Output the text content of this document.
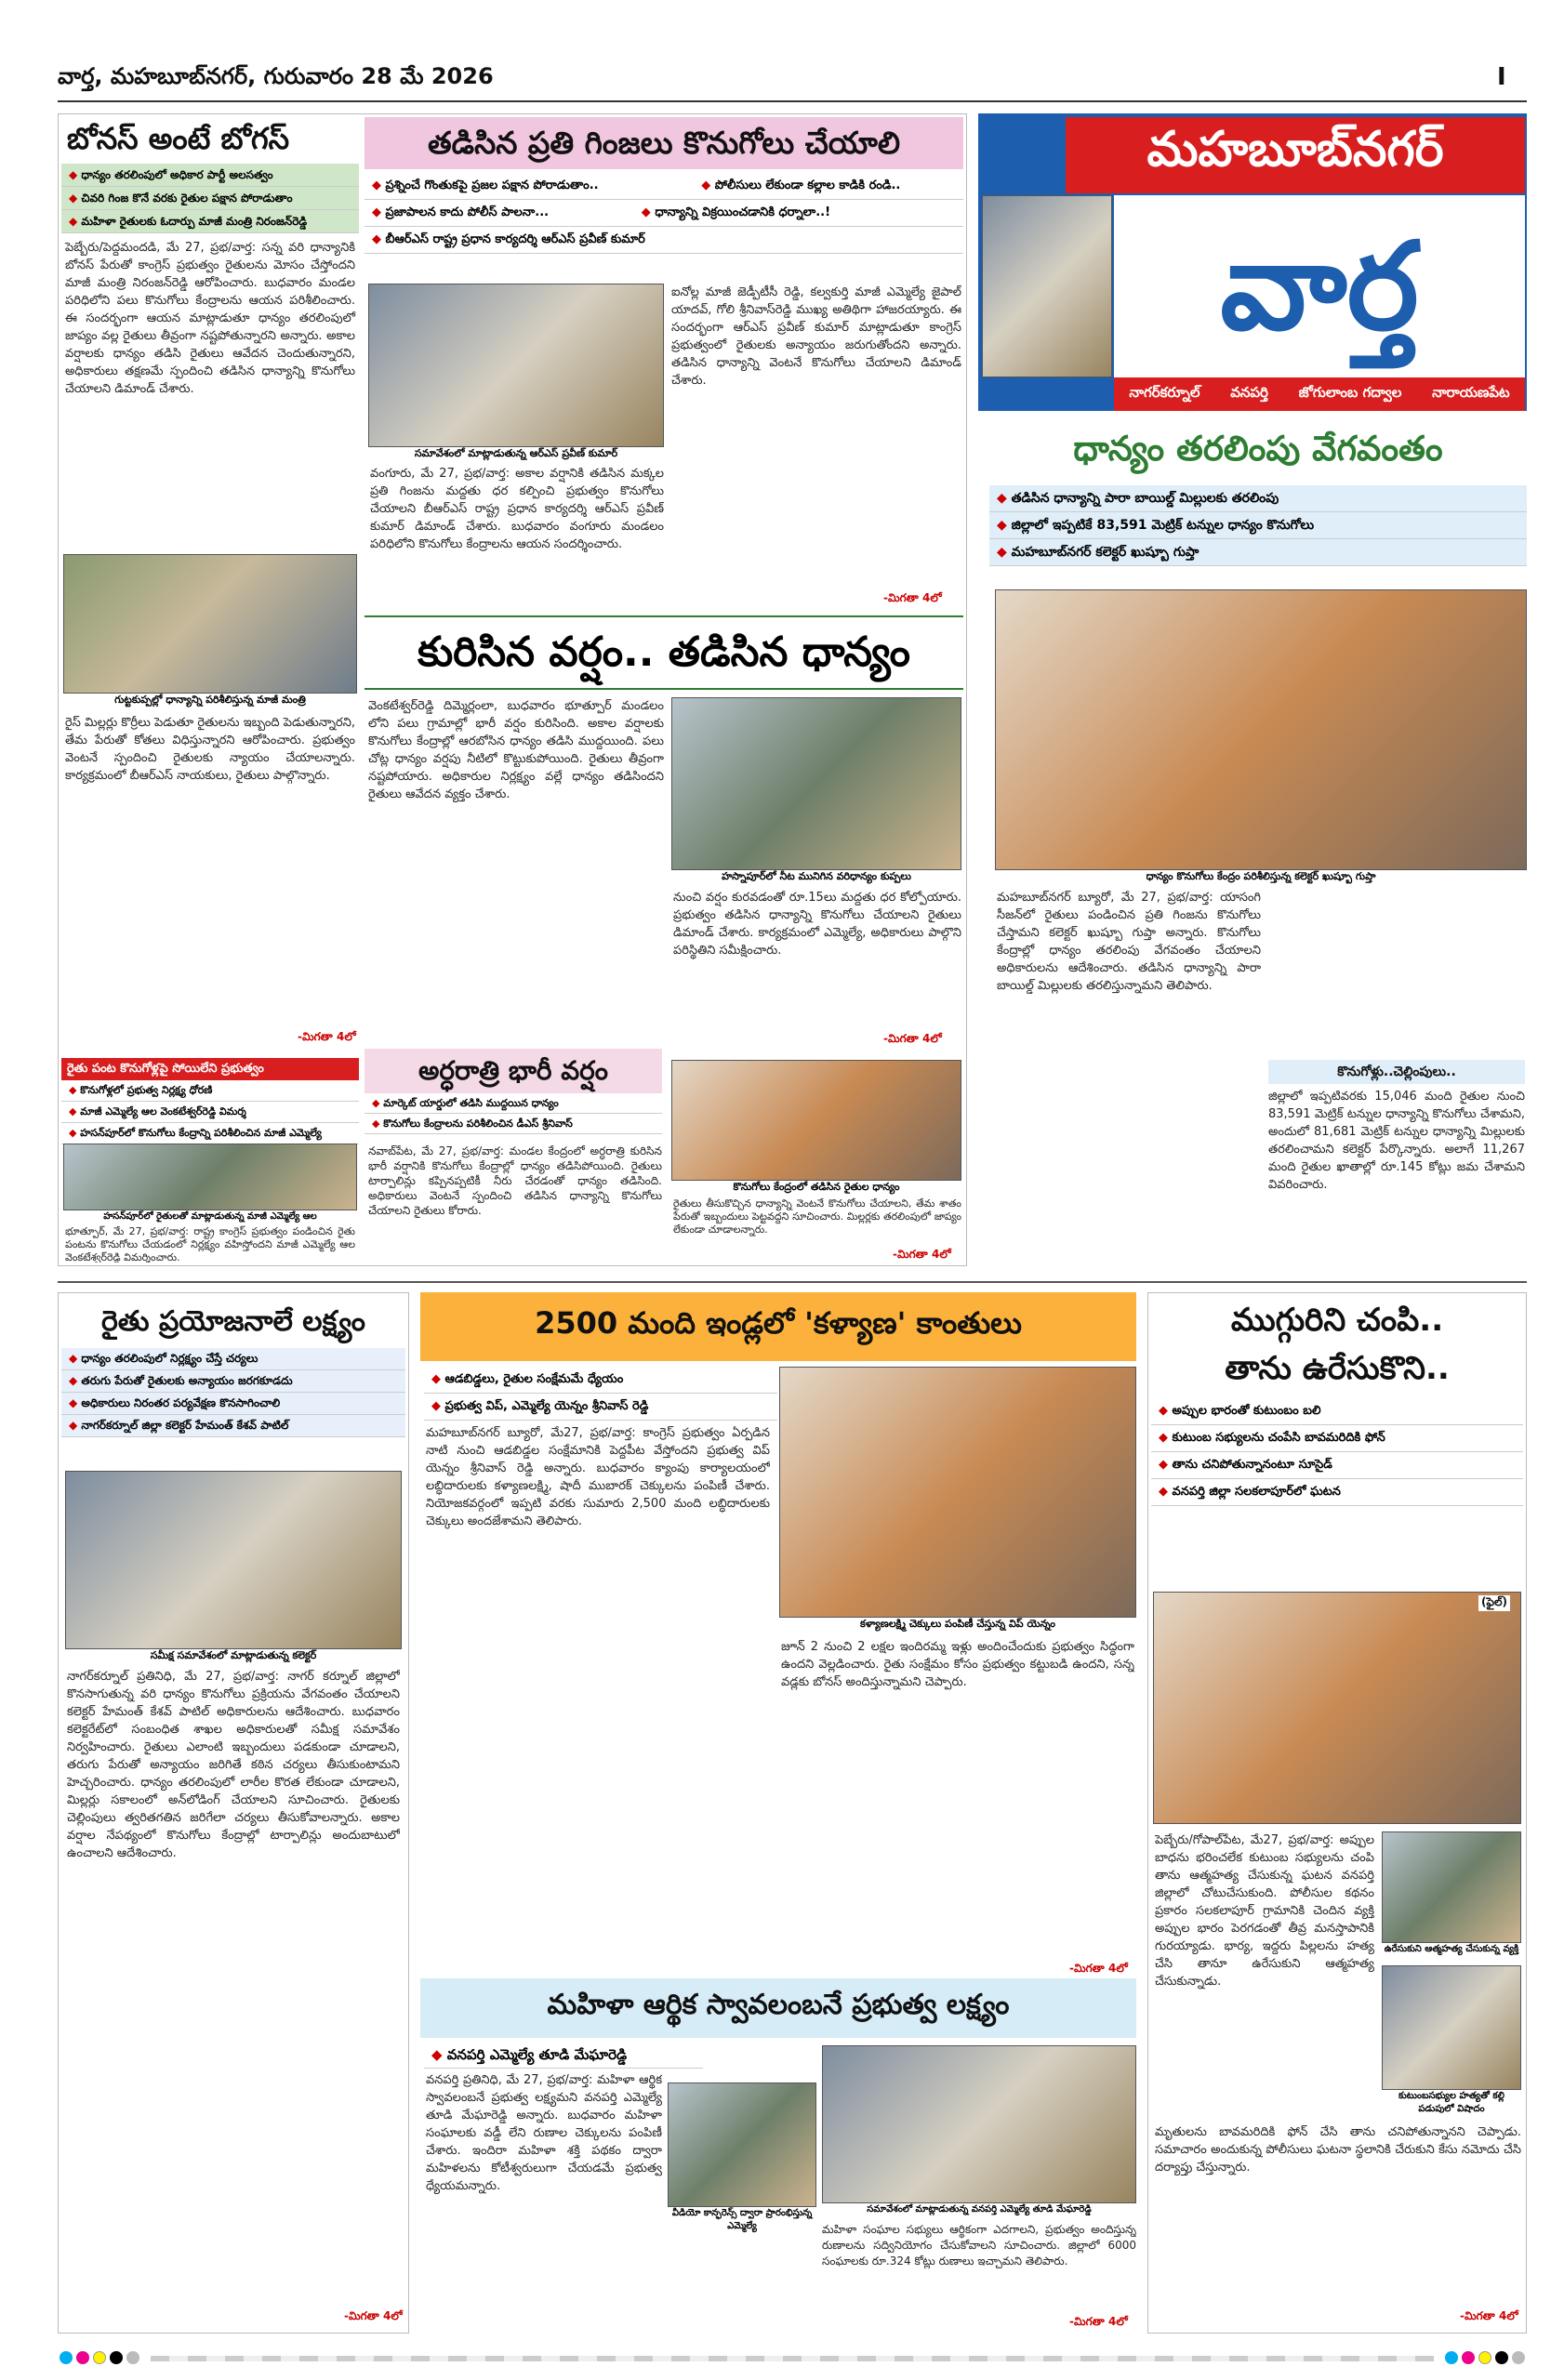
వార్త, మహబూబ్‌నగర్, గురువారం 28 మే 2026	I
బోనస్ అంటే బోగస్
◆ ధాన్యం తరలింపులో అధికార పార్టీ అలసత్వం
◆ చివరి గింజ కొనే వరకు రైతుల పక్షాన పోరాడుతాం
◆ మహిళా రైతులకు ఓదార్పు మాజీ మంత్రి నిరంజన్‌రెడ్డి
పెబ్బేరు/పెద్దమందడి, మే 27, ప్రభ/వార్త: సన్న వరి ధాన్యానికి బోనస్ పేరుతో కాంగ్రెస్ ప్రభుత్వం రైతులను మోసం చేస్తోందని మాజీ మంత్రి నిరంజన్‌రెడ్డి ఆరోపించారు. బుధవారం మండల పరిధిలోని పలు కొనుగోలు కేంద్రాలను ఆయన పరిశీలించారు. ఈ సందర్భంగా ఆయన మాట్లాడుతూ ధాన్యం తరలింపులో జాప్యం వల్ల రైతులు తీవ్రంగా నష్టపోతున్నారని అన్నారు. అకాల వర్షాలకు ధాన్యం తడిసి రైతులు ఆవేదన చెందుతున్నారని, అధికారులు తక్షణమే స్పందించి తడిసిన ధాన్యాన్ని కొనుగోలు చేయాలని డిమాండ్ చేశారు.
గుట్టకుప్పల్లో ధాన్యాన్ని పరిశీలిస్తున్న మాజీ మంత్రి
రైస్ మిల్లర్లు కొర్రీలు పెడుతూ రైతులను ఇబ్బంది పెడుతున్నారని, తేమ పేరుతో కోతలు విధిస్తున్నారని ఆరోపించారు. ప్రభుత్వం వెంటనే స్పందించి రైతులకు న్యాయం చేయాలన్నారు. కార్యక్రమంలో బీఆర్‌ఎస్ నాయకులు, రైతులు పాల్గొన్నారు.
-మిగతా 4లో
రైతు పంట కొనుగోళ్లపై సోయిలేని ప్రభుత్వం
◆ కొనుగోళ్లలో ప్రభుత్వ నిర్లక్ష్య ధోరణి
◆ మాజీ ఎమ్మెల్యే ఆల వెంకటేశ్వర్‌రెడ్డి విమర్శ
◆ హసన్‌పూర్‌లో కొనుగోలు కేంద్రాన్ని పరిశీలించిన మాజీ ఎమ్మెల్యే
హసన్‌పూర్‌లో రైతులతో మాట్లాడుతున్న మాజీ ఎమ్మెల్యే ఆల
భూత్పూర్, మే 27, ప్రభ/వార్త: రాష్ట్ర కాంగ్రెస్ ప్రభుత్వం పండించిన రైతు పంటను కొనుగోలు చేయడంలో నిర్లక్ష్యం వహిస్తోందని మాజీ ఎమ్మెల్యే ఆల వెంకటేశ్వర్‌రెడ్డి విమర్శించారు.
తడిసిన ప్రతి గింజలు కొనుగోలు చేయాలి
◆ ప్రశ్నించే గొంతుకపై ప్రజల పక్షాన పోరాడుతాం..	◆ పోలీసులు లేకుండా కల్లాల కాడికి రండి..
◆ ప్రజాపాలన కాదు పోలీస్ పాలనా...	◆ ధాన్యాన్ని విక్రయించడానికి ధర్నాలా..!
◆ బీఆర్‌ఎస్ రాష్ట్ర ప్రధాన కార్యదర్శి ఆర్‌ఎస్ ప్రవీణ్ కుమార్
సమావేశంలో మాట్లాడుతున్న ఆర్‌ఎస్ ప్రవీణ్ కుమార్
ఐనోల్ల మాజీ జెడ్పీటీసీ రెడ్డి, కల్వకుర్తి మాజీ ఎమ్మెల్యే జైపాల్ యాదవ్, గోలి శ్రీనివాస్‌రెడ్డి ముఖ్య అతిథిగా హాజరయ్యారు. ఈ సందర్భంగా ఆర్‌ఎస్ ప్రవీణ్ కుమార్ మాట్లాడుతూ కాంగ్రెస్ ప్రభుత్వంలో రైతులకు అన్యాయం జరుగుతోందని అన్నారు. తడిసిన ధాన్యాన్ని వెంటనే కొనుగోలు చేయాలని డిమాండ్ చేశారు.
వంగూరు, మే 27, ప్రభ/వార్త: అకాల వర్షానికి తడిసిన మక్కల ప్రతి గింజను మద్దతు ధర కల్పించి ప్రభుత్వం కొనుగోలు చేయాలని బీఆర్‌ఎస్ రాష్ట్ర ప్రధాన కార్యదర్శి ఆర్‌ఎస్ ప్రవీణ్ కుమార్ డిమాండ్ చేశారు. బుధవారం వంగూరు మండలం పరిధిలోని కొనుగోలు కేంద్రాలను ఆయన సందర్శించారు.
-మిగతా 4లో
కురిసిన వర్షం.. తడిసిన ధాన్యం
వెంకటేశ్వర్‌రెడ్డి దిమ్మెర్లంలా, బుధవారం భూత్పూర్ మండలం లోని పలు గ్రామాల్లో భారీ వర్షం కురిసింది. అకాల వర్షాలకు కొనుగోలు కేంద్రాల్లో ఆరబోసిన ధాన్యం తడిసి ముద్దయింది. పలు చోట్ల ధాన్యం వర్షపు నీటిలో కొట్టుకుపోయింది. రైతులు తీవ్రంగా నష్టపోయారు. అధికారుల నిర్లక్ష్యం వల్లే ధాన్యం తడిసిందని రైతులు ఆవేదన వ్యక్తం చేశారు.
హస్నాపూర్‌లో నీట మునిగిన వరిధాన్యం కుప్పలు
నుంచి వర్షం కురవడంతో రూ.15లు మద్దతు ధర కోల్పోయారు. ప్రభుత్వం తడిసిన ధాన్యాన్ని కొనుగోలు చేయాలని రైతులు డిమాండ్ చేశారు. కార్యక్రమంలో ఎమ్మెల్యే, అధికారులు పాల్గొని పరిస్థితిని సమీక్షించారు.
-మిగతా 4లో
అర్ధరాత్రి భారీ వర్షం
◆ మార్కెట్ యార్డులో తడిసి ముద్దయిన ధాన్యం
◆ కొనుగోలు కేంద్రాలను పరిశీలించిన డీఎస్ శ్రీనివాస్
నవాబ్‌పేట, మే 27, ప్రభ/వార్త: మండల కేంద్రంలో అర్ధరాత్రి కురిసిన భారీ వర్షానికి కొనుగోలు కేంద్రాల్లో ధాన్యం తడిసిపోయింది. రైతులు టార్పాలిన్లు కప్పినప్పటికీ నీరు చేరడంతో ధాన్యం తడిసింది. అధికారులు వెంటనే స్పందించి తడిసిన ధాన్యాన్ని కొనుగోలు చేయాలని రైతులు కోరారు.
కొనుగోలు కేంద్రంలో తడిసిన రైతుల ధాన్యం
రైతులు తీసుకొచ్చిన ధాన్యాన్ని వెంటనే కొనుగోలు చేయాలని, తేమ శాతం పేరుతో ఇబ్బందులు పెట్టవద్దని సూచించారు. మిల్లర్లకు తరలింపులో జాప్యం లేకుండా చూడాలన్నారు.
-మిగతా 4లో
మహబూబ్‌నగర్
వార్త
నాగర్‌కర్నూల్ వనపర్తి జోగులాంబ గద్వాల నారాయణపేట
ధాన్యం తరలింపు వేగవంతం
◆ తడిసిన ధాన్యాన్ని పారా బాయిల్డ్ మిల్లులకు తరలింపు
◆ జిల్లాలో ఇప్పటికే 83,591 మెట్రిక్ టన్నుల ధాన్యం కొనుగోలు
◆ మహబూబ్‌నగర్ కలెక్టర్ ఖుష్బూ గుప్తా
ధాన్యం కొనుగోలు కేంద్రం పరిశీలిస్తున్న కలెక్టర్ ఖుష్బూ గుప్తా
మహబూబ్‌నగర్ బ్యూరో, మే 27, ప్రభ/వార్త: యాసంగి సీజన్‌లో రైతులు పండించిన ప్రతి గింజను కొనుగోలు చేస్తామని కలెక్టర్ ఖుష్బూ గుప్తా అన్నారు. కొనుగోలు కేంద్రాల్లో ధాన్యం తరలింపు వేగవంతం చేయాలని అధికారులను ఆదేశించారు. తడిసిన ధాన్యాన్ని పారా బాయిల్డ్ మిల్లులకు తరలిస్తున్నామని తెలిపారు.
జిల్లాలో ఇప్పటివరకు 15,046 మంది రైతుల నుంచి 83,591 మెట్రిక్ టన్నుల ధాన్యాన్ని కొనుగోలు చేశామని, అందులో 81,681 మెట్రిక్ టన్నుల ధాన్యాన్ని మిల్లులకు తరలించామని కలెక్టర్ పేర్కొన్నారు. అలాగే 11,267 మంది రైతుల ఖాతాల్లో రూ.145 కోట్లు జమ చేశామని వివరించారు.
కొనుగోళ్లు..చెల్లింపులు..
రైతు ప్రయోజనాలే లక్ష్యం
◆ ధాన్యం తరలింపులో నిర్లక్ష్యం చేస్తే చర్యలు
◆ తరుగు పేరుతో రైతులకు అన్యాయం జరగకూడదు
◆ అధికారులు నిరంతర పర్యవేక్షణ కొనసాగించాలి
◆ నాగర్‌కర్నూల్ జిల్లా కలెక్టర్ హేమంత్ కేశవ్ పాటిల్
సమీక్ష సమావేశంలో మాట్లాడుతున్న కలెక్టర్
నాగర్‌కర్నూల్ ప్రతినిధి, మే 27, ప్రభ/వార్త: నాగర్ కర్నూల్ జిల్లాలో కొనసాగుతున్న వరి ధాన్యం కొనుగోలు ప్రక్రియను వేగవంతం చేయాలని కలెక్టర్ హేమంత్ కేశవ్ పాటిల్ అధికారులను ఆదేశించారు. బుధవారం కలెక్టరేట్‌లో సంబంధిత శాఖల అధికారులతో సమీక్ష సమావేశం నిర్వహించారు. రైతులు ఎలాంటి ఇబ్బందులు పడకుండా చూడాలని, తరుగు పేరుతో అన్యాయం జరిగితే కఠిన చర్యలు తీసుకుంటామని హెచ్చరించారు. ధాన్యం తరలింపులో లారీల కొరత లేకుండా చూడాలని, మిల్లర్లు సకాలంలో అన్‌లోడింగ్ చేయాలని సూచించారు. రైతులకు చెల్లింపులు త్వరితగతిన జరిగేలా చర్యలు తీసుకోవాలన్నారు. అకాల వర్షాల నేపథ్యంలో కొనుగోలు కేంద్రాల్లో టార్పాలిన్లు అందుబాటులో ఉంచాలని ఆదేశించారు.
-మిగతా 4లో
2500 మంది ఇండ్లలో 'కళ్యాణ' కాంతులు
◆ ఆడబిడ్డలు, రైతుల సంక్షేమమే ధ్యేయం
◆ ప్రభుత్వ విప్, ఎమ్మెల్యే యెన్నం శ్రీనివాస్ రెడ్డి
మహబూబ్‌నగర్ బ్యూరో, మే27, ప్రభ/వార్త: కాంగ్రెస్ ప్రభుత్వం ఏర్పడిన నాటి నుంచి ఆడబిడ్డల సంక్షేమానికి పెద్దపీట వేస్తోందని ప్రభుత్వ విప్ యెన్నం శ్రీనివాస్ రెడ్డి అన్నారు. బుధవారం క్యాంపు కార్యాలయంలో లబ్ధిదారులకు కళ్యాణలక్ష్మి, షాదీ ముబారక్ చెక్కులను పంపిణీ చేశారు. నియోజకవర్గంలో ఇప్పటి వరకు సుమారు 2,500 మంది లబ్ధిదారులకు చెక్కులు అందజేశామని తెలిపారు.
కళ్యాణలక్ష్మి చెక్కులు పంపిణీ చేస్తున్న విప్ యెన్నం
జూన్ 2 నుంచి 2 లక్షల ఇందిరమ్మ ఇళ్లు అందించేందుకు ప్రభుత్వం సిద్ధంగా ఉందని వెల్లడించారు. రైతు సంక్షేమం కోసం ప్రభుత్వం కట్టుబడి ఉందని, సన్న వడ్లకు బోనస్ అందిస్తున్నామని చెప్పారు.
-మిగతా 4లో
మహిళా ఆర్థిక స్వావలంబనే ప్రభుత్వ లక్ష్యం
◆ వనపర్తి ఎమ్మెల్యే తూడి మేఘారెడ్డి
వనపర్తి ప్రతినిధి, మే 27, ప్రభ/వార్త: మహిళా ఆర్థిక స్వావలంబనే ప్రభుత్వ లక్ష్యమని వనపర్తి ఎమ్మెల్యే తూడి మేఘారెడ్డి అన్నారు. బుధవారం మహిళా సంఘాలకు వడ్డీ లేని రుణాల చెక్కులను పంపిణీ చేశారు. ఇందిరా మహిళా శక్తి పథకం ద్వారా మహిళలను కోటీశ్వరులుగా చేయడమే ప్రభుత్వ ధ్యేయమన్నారు.
వీడియో కాన్ఫరెన్స్ ద్వారా ప్రారంభిస్తున్న ఎమ్మెల్యే
సమావేశంలో మాట్లాడుతున్న వనపర్తి ఎమ్మెల్యే తూడి మేఘారెడ్డి
మహిళా సంఘాల సభ్యులు ఆర్థికంగా ఎదగాలని, ప్రభుత్వం అందిస్తున్న రుణాలను సద్వినియోగం చేసుకోవాలని సూచించారు. జిల్లాలో 6000 సంఘాలకు రూ.324 కోట్లు రుణాలు ఇచ్చామని తెలిపారు.
-మిగతా 4లో
ముగ్గురిని చంపి..
తాను ఉరేసుకొని..
◆ అప్పుల భారంతో కుటుంబం బలి
◆ కుటుంబ సభ్యులను చంపేసి బావమరిదికి ఫోన్
◆ తాను చనిపోతున్నానంటూ సూసైడ్
◆ వనపర్తి జిల్లా సలకలాపూర్‌లో ఘటన
(ఫైల్)
పెబ్బేరు/గోపాల్‌పేట, మే27, ప్రభ/వార్త: అప్పుల బాధను భరించలేక కుటుంబ సభ్యులను చంపి తాను ఆత్మహత్య చేసుకున్న ఘటన వనపర్తి జిల్లాలో చోటుచేసుకుంది. పోలీసుల కథనం ప్రకారం సలకలాపూర్ గ్రామానికి చెందిన వ్యక్తి అప్పుల భారం పెరగడంతో తీవ్ర మనస్తాపానికి గురయ్యాడు. భార్య, ఇద్దరు పిల్లలను హత్య చేసి తానూ ఉరేసుకుని ఆత్మహత్య చేసుకున్నాడు.
ఉరేసుకుని ఆత్మహత్య చేసుకున్న వ్యక్తి
కుటుంబసభ్యుల హత్యతో కల్లి పడుపులో విషాదం
మృతులను బావమరిదికి ఫోన్ చేసి తాను చనిపోతున్నానని చెప్పాడు. సమాచారం అందుకున్న పోలీసులు ఘటనా స్థలానికి చేరుకుని కేసు నమోదు చేసి దర్యాప్తు చేస్తున్నారు.
-మిగతా 4లో
